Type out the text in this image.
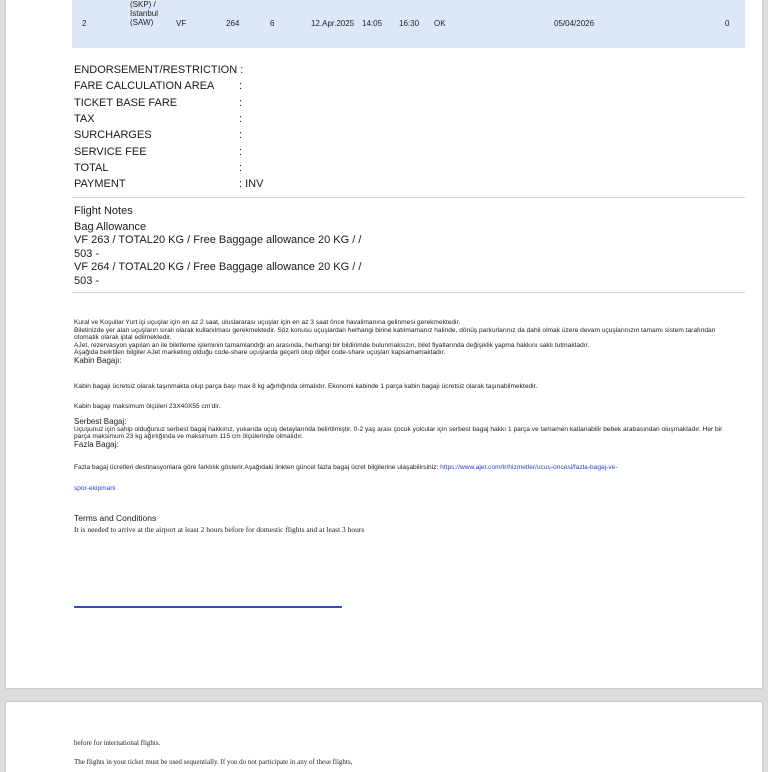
2
(SKP) /
Istanbul
(SAW)	VF	264	6	12.Apr.2025 14:05 16:30 OK	05/04/2026	0
ENDORSEMENT/RESTRICTION :
FARE CALCULATION AREA	:
TICKET BASE FARE	:
TAX	:
SURCHARGES	:
SERVICE FEE	:
TOTAL	:
PAYMENT	: INV
Flight Notes
Bag Allowance
VF 263 / TOTAL20 KG / Free Baggage allowance 20 KG / /
503 -
VF 264 / TOTAL20 KG / Free Baggage allowance 20 KG / /
503 -
Kural ve Koşullar Yurt içi uçuşlar için en az 2 saat, uluslararası uçuşlar için en az 3 saat önce havalimanına gelinmesi gerekmektedir.
Biletinizde yer alan uçuşların sıralı olarak kullanılması gerekmektedir. Söz konusu uçuşlardan herhangi birine katılmamanız halinde, dönüş parkurlarınız da dahil olmak üzere devam uçuşlarınızın tamamı sistem tarafından otomatik olarak iptal edilmektedir.
AJet, rezervasyon yapılan an ile biletleme işleminin tamamlandığı an arasında, herhangi bir bildirimde bulunmaksızın, bilet fiyatlarında değişiklik yapma hakkını saklı tutmaktadır.
Aşağıda belirtilen bilgiler AJet marketing olduğu code-share uçuşlarda geçerli olup diğer code-share uçuşları kapsamamaktadır.
Kabin Bagajı:
Kabin bagajı ücretsiz olarak taşınmakta olup parça başı max 8 kg ağırlığında olmalıdır. Ekonomi kabinde 1 parça kabin bagajı ücretsiz olarak taşınabilmektedir.
Kabin bagajı maksimum ölçüleri 23X40X55 cm'dir.
Serbest Bagaj:
Uçuşunuz için sahip olduğunuz serbest bagaj hakkınız, yukarıda uçuş detaylarında belirtilmiştir. 0-2 yaş arası çocuk yolcular için serbest bagaj hakkı 1 parça ve tamamen katlanabilir bebek arabasından oluşmaktadır. Her bir parça maksimum 23 kg ağırlığında ve maksimum 115 cm ölçülerinde olmalıdır.
Fazla Bagaj:
Fazla bagaj ücretleri destinasyonlara göre farklılık gösterir.Aşağıdaki linkten güncel fazla bagaj ücret bilgilerine ulaşabilirsiniz: https://www.ajet.com/tr/hizmetler/ucus-oncesi/fazla-bagaj-ve-
spor-ekipmani
Terms and Conditions
It is needed to arrive at the airport at least 2 hours before for domestic flights and at least 3 hours
before for international flights.
The flights in your ticket must be used sequentially. If you do not participate in any of these flights,
